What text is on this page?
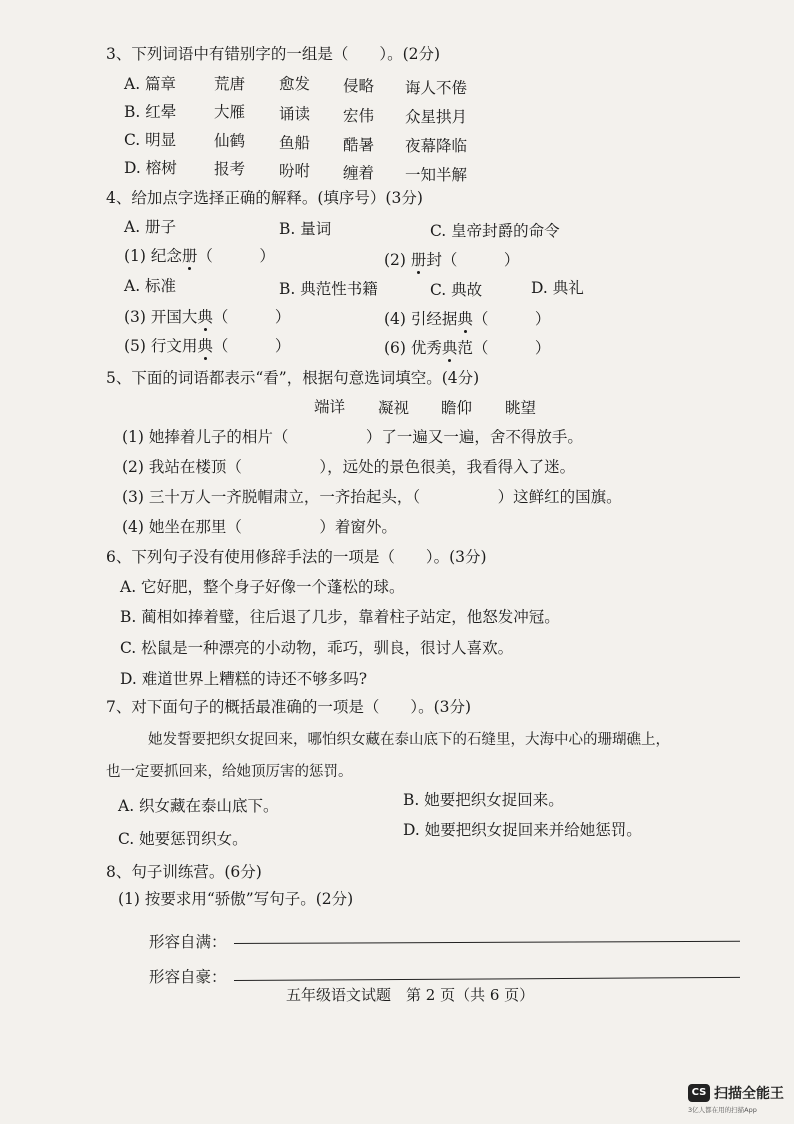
3、下列词语中有错别字的一组是（　　）。(2分)
A. 篇章 荒唐 愈发 侵略 诲人不倦
B. 红晕 大雁 诵读 宏伟 众星拱月
C. 明显 仙鹤 鱼船 酷暑 夜幕降临
D. 榕树 报考 吩咐 缠着 一知半解
4、给加点字选择正确的解释。(填序号）(3分)
A. 册子	B. 量词	C. 皇帝封爵的命令
(1) 纪念册（　　　）	(2) 册封（　　　）
A. 标准	B. 典范性书籍	C. 典故	D. 典礼
(3) 开国大典（　　　）	(4) 引经据典（　　　）
(5) 行文用典（　　　）	(6) 优秀典范（　　　）
5、下面的词语都表示“看”，根据句意选词填空。(4分)
端详 凝视 瞻仰 眺望
(1) 她捧着儿子的相片（　　　　　）了一遍又一遍，舍不得放手。
(2) 我站在楼顶（　　　　　），远处的景色很美，我看得入了迷。
(3) 三十万人一齐脱帽肃立，一齐抬起头，（　　　　　）这鲜红的国旗。
(4) 她坐在那里（　　　　　）着窗外。
6、下列句子没有使用修辞手法的一项是（　　）。(3分)
A. 它好肥，整个身子好像一个蓬松的球。
B. 蔺相如捧着璧，往后退了几步，靠着柱子站定，他怒发冲冠。
C. 松鼠是一种漂亮的小动物，乖巧，驯良，很讨人喜欢。
D. 难道世界上糟糕的诗还不够多吗?
7、对下面句子的概括最准确的一项是（　　）。(3分)
她发誓要把织女捉回来，哪怕织女藏在泰山底下的石缝里，大海中心的珊瑚礁上，
也一定要抓回来，给她顶厉害的惩罚。
A. 织女藏在泰山底下。	B. 她要把织女捉回来。
C. 她要惩罚织女。	D. 她要把织女捉回来并给她惩罚。
8、句子训练营。(6分)
(1) 按要求用“骄傲”写句子。(2分)
形容自满：
形容自豪：
五年级语文试题　第 2 页（共 6 页）
CS 扫描全能王
3亿人都在用的扫描App
